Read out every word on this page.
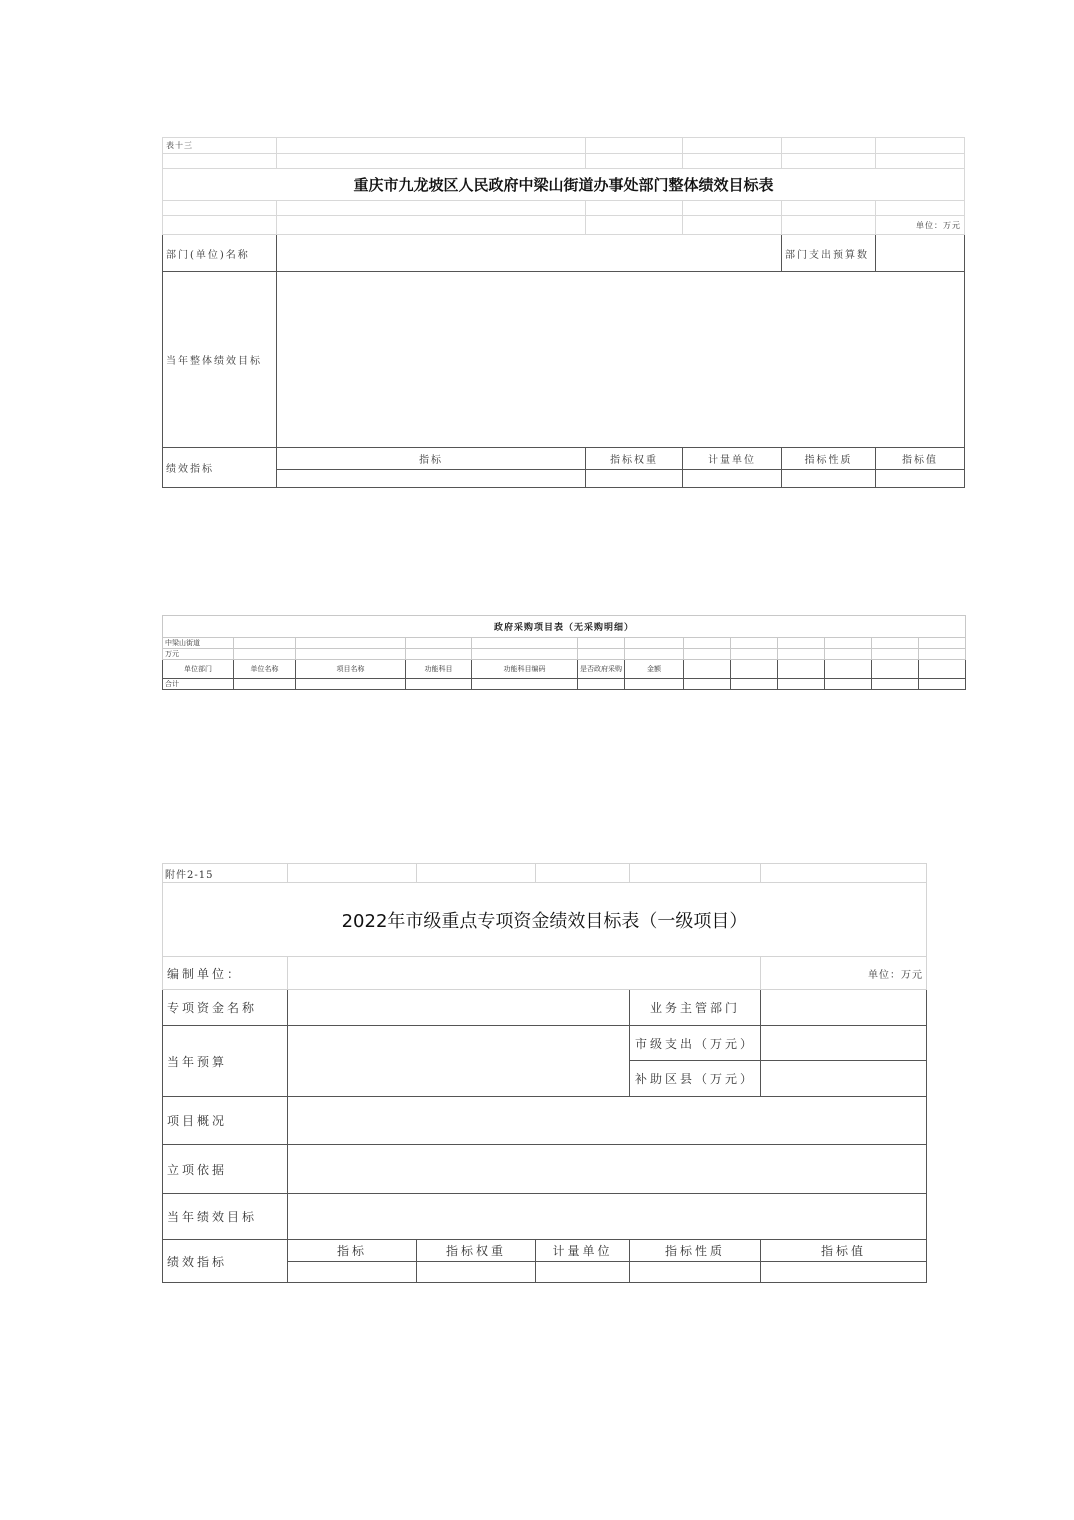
表十三					

重庆市九龙坡区人民政府中梁山街道办事处部门整体绩效目标表					

					单位：万元
部门(单位)名称				部门支出预算数	
当年整体绩效目标					
绩效指标	指标	指标权重	计量单位	指标性质	指标值

政府采购项目表（无采购明细）												
中梁山街道												
万元												
单位部门	单位名称	项目名称	功能科目	功能科目编码	是否政府采购	金额						
合计												
附件2-15					
2022年市级重点专项资金绩效目标表（一级项目）					
编制单位：					单位：万元
专项资金名称				业务主管部门	
当年预算				市级支出（万元）	
				补助区县（万元）	
项目概况					
立项依据					
当年绩效目标					
绩效指标	指标	指标权重	计量单位	指标性质	指标值
